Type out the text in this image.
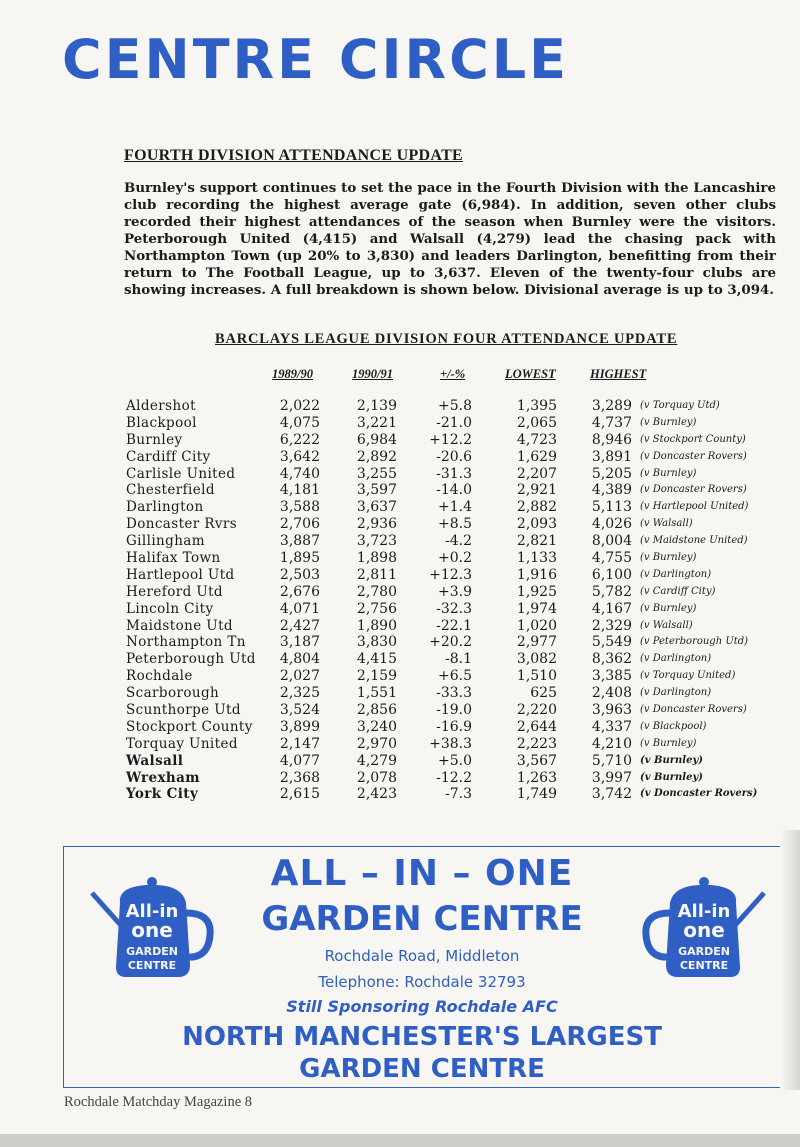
CENTRE CIRCLE
FOURTH DIVISION ATTENDANCE UPDATE
Burnley's support continues to set the pace in the Fourth Division with the Lancashire club recording the highest average gate (6,984). In addition, seven other clubs recorded their highest attendances of the season when Burnley were the visitors. Peterborough United (4,415) and Walsall (4,279) lead the chasing pack with Northampton Town (up 20% to 3,830) and leaders Darlington, benefitting from their return to The Football League, up to 3,637. Eleven of the twenty-four clubs are showing increases. A full breakdown is shown below. Divisional average is up to 3,094.
BARCLAYS LEAGUE DIVISION FOUR ATTENDANCE UPDATE
1989/90	1990/91	+/-%	LOWEST	HIGHEST
Aldershot	2,022	2,139	+5.8	1,395 3,289 (v Torquay Utd)
Blackpool	4,075	3,221	-21.0	2,065 4,737 (v Burnley)
Burnley	6,222	6,984 +12.2	4,723 8,946 (v Stockport County)
Cardiff City	3,642	2,892	-20.6	1,629 3,891 (v Doncaster Rovers)
Carlisle United	4,740	3,255	-31.3	2,207 5,205 (v Burnley)
Chesterfield	4,181	3,597	-14.0	2,921 4,389 (v Doncaster Rovers)
Darlington	3,588	3,637	+1.4	2,882 5,113 (v Hartlepool United)
Doncaster Rvrs	2,706	2,936	+8.5	2,093 4,026 (v Walsall)
Gillingham	3,887	3,723	-4.2	2,821 8,004 (v Maidstone United)
Halifax Town	1,895	1,898	+0.2	1,133 4,755 (v Burnley)
Hartlepool Utd	2,503	2,811 +12.3	1,916 6,100 (v Darlington)
Hereford Utd	2,676	2,780	+3.9	1,925 5,782 (v Cardiff City)
Lincoln City	4,071	2,756	-32.3	1,974 4,167 (v Burnley)
Maidstone Utd	2,427	1,890	-22.1	1,020 2,329 (v Walsall)
Northampton Tn 3,187	3,830 +20.2	2,977 5,549 (v Peterborough Utd)
Peterborough Utd 4,804	4,415	-8.1	3,082 8,362 (v Darlington)
Rochdale	2,027	2,159	+6.5	1,510 3,385 (v Torquay United)
Scarborough	2,325	1,551	-33.3	625 2,408 (v Darlington)
Scunthorpe Utd	3,524	2,856	-19.0	2,220 3,963 (v Doncaster Rovers)
Stockport County 3,899	3,240	-16.9	2,644 4,337 (v Blackpool)
Torquay United	2,147	2,970 +38.3	2,223 4,210 (v Burnley)
Walsall	4,077	4,279	+5.0	3,567 5,710 (v Burnley)
Wrexham	2,368	2,078	-12.2	1,263 3,997 (v Burnley)
York City	2,615	2,423	-7.3	1,749 3,742 (v Doncaster Rovers)
All-in
one
GARDEN
CENTRE
All-in
one
GARDEN
CENTRE
ALL – IN – ONE
GARDEN CENTRE
Rochdale Road, Middleton
Telephone: Rochdale 32793
Still Sponsoring Rochdale AFC
NORTH MANCHESTER'S LARGEST
GARDEN CENTRE
Rochdale Matchday Magazine 8
